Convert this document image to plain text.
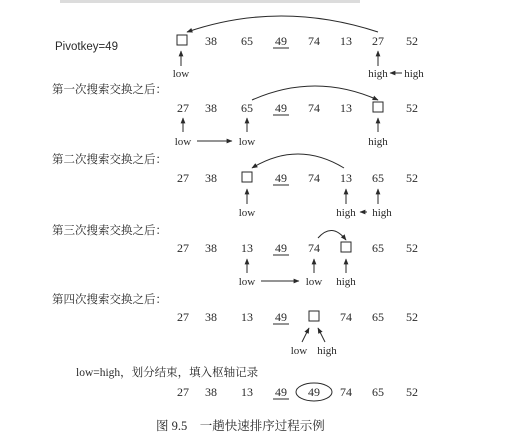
Pivotkey=49	38 65 49 74 13 27 52
low	high high
第一次搜索交换之后：
27 38 65 49 74 13	52
low	low	high
第二次搜索交换之后：
27 38	49 74 13 65 52
low	high high
第三次搜索交换之后：
27 38 13 49 74	65 52
low	low high
第四次搜索交换之后：
27 38 13 49	74 65 52
low high
low=high，划分结束，填入枢轴记录
27 38 13 49 49 74 65 52
图 9.5　一趟快速排序过程示例
